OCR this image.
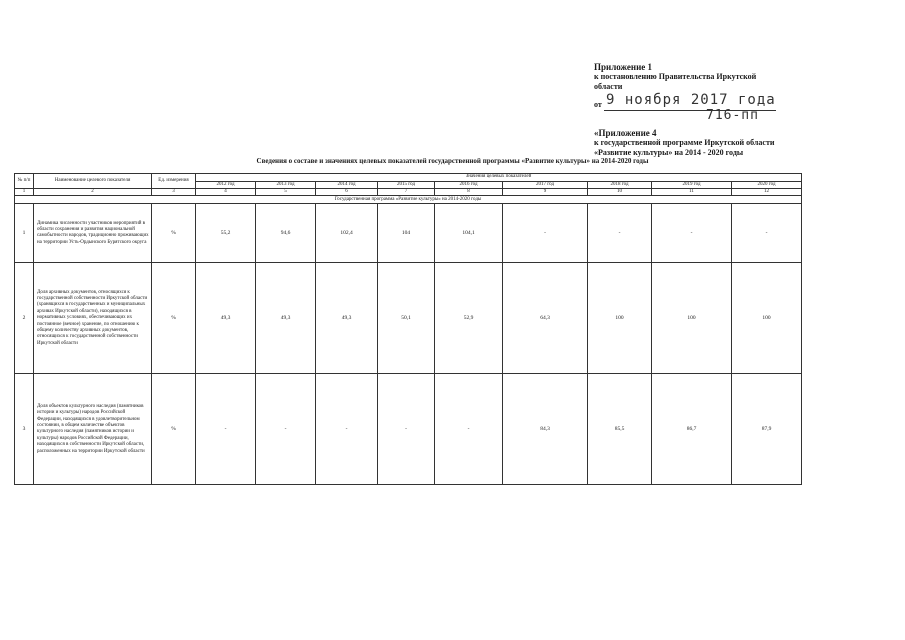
Приложение 1
к постановлению Правительства Иркутской
области
от 9 ноября 2017 года
716-пп
«Приложение 4
к государственной программе Иркутской области
«Развитие культуры» на 2014 - 2020 годы
Сведения о составе и значениях целевых показателей государственной программы «Развитие культуры» на 2014-2020 годы
№ п/п	Наименование целевого показателя	Ед. измерения	Значения целевых показателей								
			2012 год	2013 год	2014 год	2015 год	2016 год	2017 год	2018 год	2019 год	2020 год
1	2	3	4	5	6	7	8	9	10	11	12
Государственная программа «Развитие культуры» на 2014-2020 годы											
1	Динамика численности участников мероприятий в области сохранения и развития национальной самобытности народов, традиционно проживающих на территории Усть-Ордынского Бурятского округа	%	55,2	94,6	102,4	104	104,1	-	-	-	-
2	Доля архивных документов, относящихся к государственной собственности Иркутской области (хранящихся в государственных и муниципальных архивах Иркутской области), находящихся в нормативных условиях, обеспечивающих их постоянное (вечное) хранение, по отношению к общему количеству архивных документов, относящихся к государственной собственности Иркутской области	%	49,3	49,3	49,3	50,1	52,9	64,3	100	100	100
3	Доля объектов культурного наследия (памятников истории и культуры) народов Российской Федерации, находящихся в удовлетворительном состоянии, в общем количестве объектов культурного наследия (памятников истории и культуры) народов Российской Федерации, находящихся в собственности Иркутской области, расположенных на территории Иркутской области	%	-	-	-	-	-	84,3	85,5	86,7	87,9
